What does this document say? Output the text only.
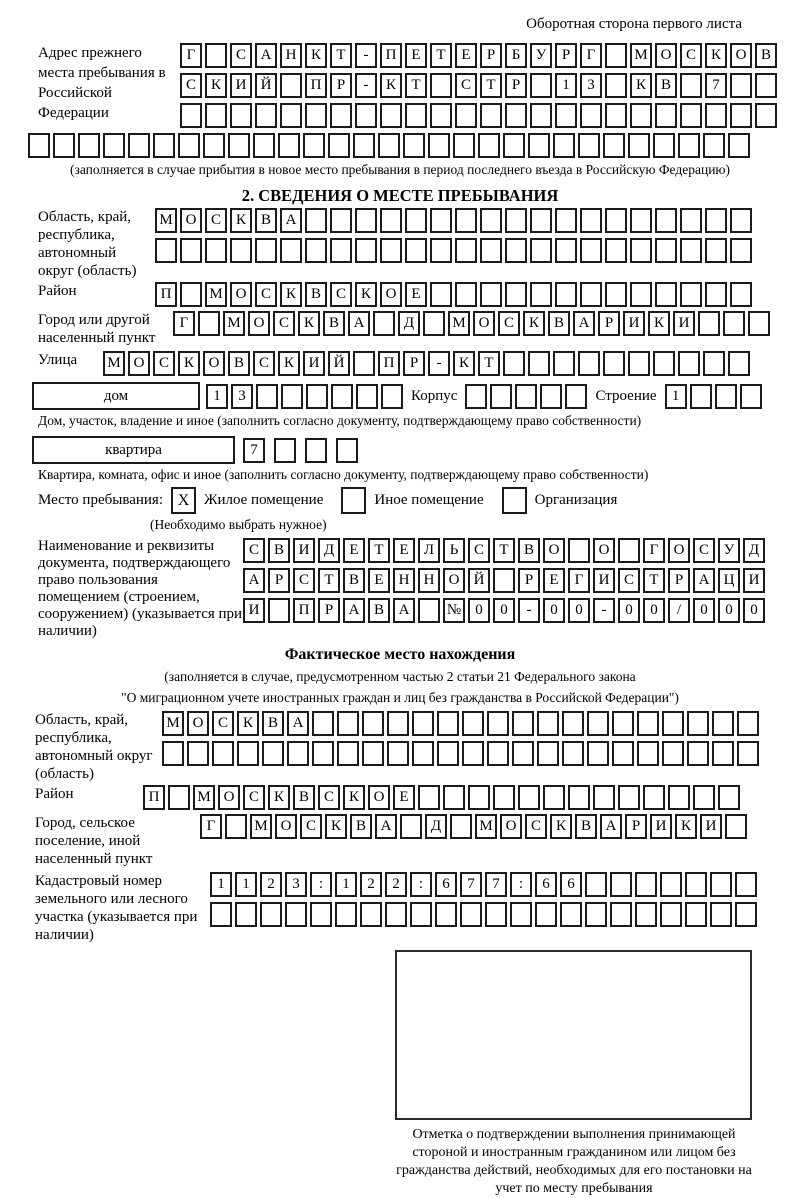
Оборотная сторона первого листа
Адрес прежнего места пребывания в Российской Федерации
Г	С А Н К	Т	-	П Е	Т	Е	Р	Б	У	Р	Г	М О С К О В
С К И Й	П	Р	-	К	Т	С	Т	Р	1	3	К В	7
(заполняется в случае прибытия в новое место пребывания в период последнего въезда в Российскую Федерацию)
2. СВЕДЕНИЯ О МЕСТЕ ПРЕБЫВАНИЯ
Область, край, республика, автономный округ (область)
М О С К В А
Район	П	М О С К В С К О Е
Город или другой населенный пункт
Г	М О С К В А	Д	М О С К В А	Р	И К И
Улица	М О С К О В С К И Й	П	Р	-	К	Т
дом	1	3	Корпус	Строение	1
Дом, участок, владение и иное (заполнить согласно документу, подтверждающему право собственности)
квартира	7
Квартира, комната, офис и иное (заполнить согласно документу, подтверждающему право собственности)
Место пребывания: X Жилое помещение	Иное помещение	Организация
(Необходимо выбрать нужное)
Наименование и реквизиты документа, подтверждающего право пользования помещением (строением, сооружением) (указывается при наличии)
С В И Д	Е	Т	Е	Л	Ь	С	Т	В О	О	Г	О С У Д
А	Р	С	Т	В	Е	Н Н О Й	Р	Е	Г	И С	Т	Р	А Ц И
И	П	Р	А В А	№ 0	0	-	0	0	-	0	0	/	0	0	0
Фактическое место нахождения
(заполняется в случае, предусмотренном частью 2 статьи 21 Федерального закона
"О миграционном учете иностранных граждан и лиц без гражданства в Российской Федерации")
Область, край, республика, автономный округ (область)
М О С К В А
Район	П	М О С К В С К О Е
Город, сельское поселение, иной населенный пункт
Г	М О С К В А	Д	М О С К В А	Р	И К И
Кадастровый номер земельного или лесного участка (указывается при наличии)
1	1	2	3	:	1	2	2	:	6	7	7	:	6	6
Отметка о подтверждении выполнения принимающей стороной и иностранным гражданином или лицом без гражданства действий, необходимых для его постановки на учет по месту пребывания
